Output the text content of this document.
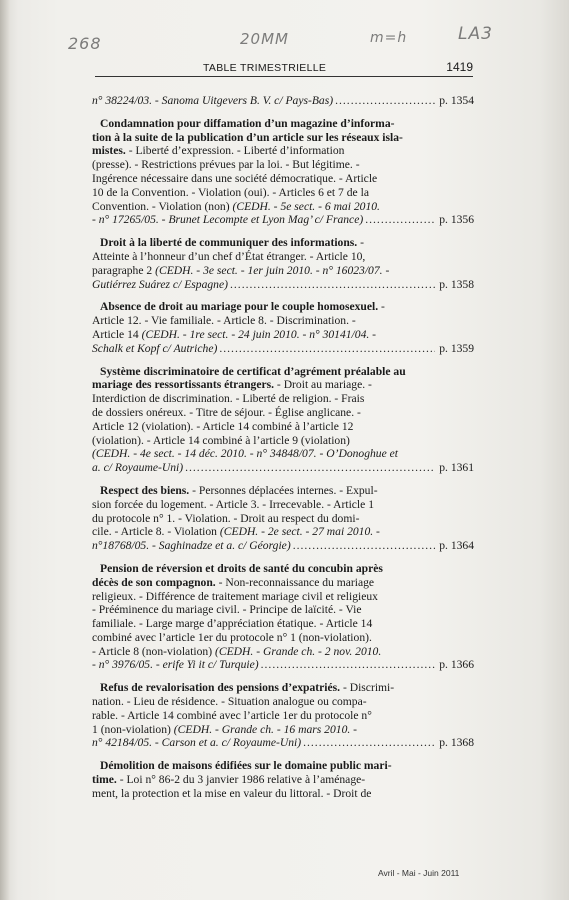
268	20MM	m=h	LA3
TABLE TRIMESTRIELLE	1419
n° 38224/03. - Sanoma Uitgevers B. V. c/ Pays-Bas) .....	p. 1354
Condamnation pour diffamation d’un magazine d’informa-
tion à la suite de la publication d’un article sur les réseaux isla-
mistes. - Liberté d’expression. - Liberté d’information
(presse). - Restrictions prévues par la loi. - But légitime. -
Ingérence nécessaire dans une société démocratique. - Article
10 de la Convention. - Violation (oui). - Articles 6 et 7 de la
Convention. - Violation (non) (CEDH. - 5e sect. - 6 mai 2010.
- n° 17265/05. - Brunet Lecompte et Lyon Mag’ c/ France) .....	p. 1356
Droit à la liberté de communiquer des informations. -
Atteinte à l’honneur d’un chef d’État étranger. - Article 10,
paragraphe 2 (CEDH. - 3e sect. - 1er juin 2010. - n° 16023/07. -
Gutiérrez Suárez c/ Espagne) .....	p. 1358
Absence de droit au mariage pour le couple homosexuel. -
Article 12. - Vie familiale. - Article 8. - Discrimination. -
Article 14 (CEDH. - 1re sect. - 24 juin 2010. - n° 30141/04. -
Schalk et Kopf c/ Autriche) .....	p. 1359
Système discriminatoire de certificat d’agrément préalable au
mariage des ressortissants étrangers. - Droit au mariage. -
Interdiction de discrimination. - Liberté de religion. - Frais
de dossiers onéreux. - Titre de séjour. - Église anglicane. -
Article 12 (violation). - Article 14 combiné à l’article 12
(violation). - Article 14 combiné à l’article 9 (violation)
(CEDH. - 4e sect. - 14 déc. 2010. - n° 34848/07. - O’Donoghue et
a. c/ Royaume-Uni) .....	p. 1361
Respect des biens. - Personnes déplacées internes. - Expul-
sion forcée du logement. - Article 3. - Irrecevable. - Article 1
du protocole n° 1. - Violation. - Droit au respect du domi-
cile. - Article 8. - Violation (CEDH. - 2e sect. - 27 mai 2010. -
n°18768/05. - Saghinadze et a. c/ Géorgie) .....	p. 1364
Pension de réversion et droits de santé du concubin après
décès de son compagnon. - Non-reconnaissance du mariage
religieux. - Différence de traitement mariage civil et religieux
- Prééminence du mariage civil. - Principe de laïcité. - Vie
familiale. - Large marge d’appréciation étatique. - Article 14
combiné avec l’article 1er du protocole n° 1 (non-violation).
- Article 8 (non-violation) (CEDH. - Grande ch. - 2 nov. 2010.
- n° 3976/05. - erife Yi it c/ Turquie) .....	p. 1366
Refus de revalorisation des pensions d’expatriés. - Discrimi-
nation. - Lieu de résidence. - Situation analogue ou compa-
rable. - Article 14 combiné avec l’article 1er du protocole n°
1 (non-violation) (CEDH. - Grande ch. - 16 mars 2010. -
n° 42184/05. - Carson et a. c/ Royaume-Uni) .....	p. 1368
Démolition de maisons édifiées sur le domaine public mari-
time. - Loi n° 86-2 du 3 janvier 1986 relative à l’aménage-
ment, la protection et la mise en valeur du littoral. - Droit de
Avril - Mai - Juin 2011
